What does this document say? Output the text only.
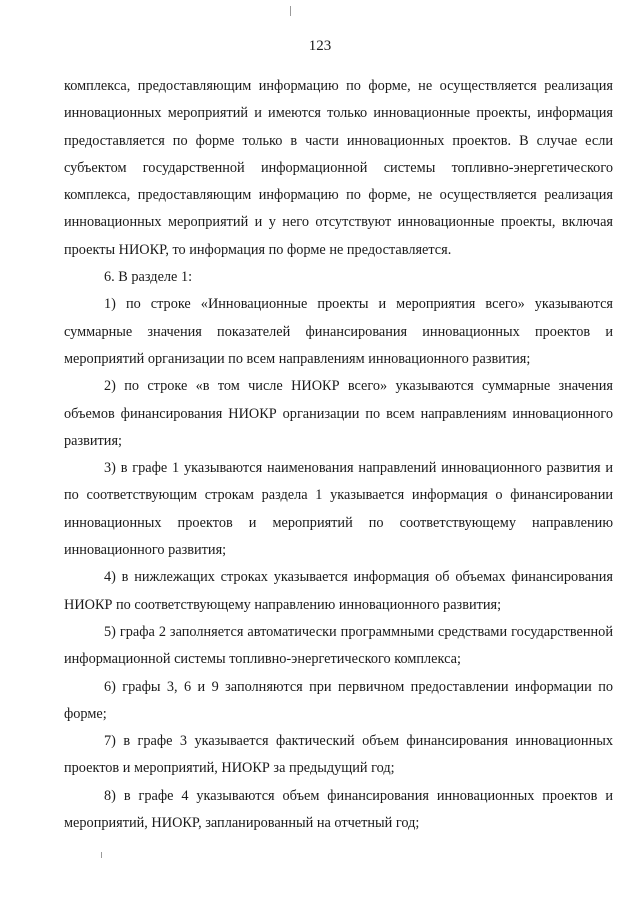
123

комплекса, предоставляющим информацию по форме, не осуществляется реализация инновационных мероприятий и имеются только инновационные проекты, информация предоставляется по форме только в части инновационных проектов. В случае если субъектом государственной информационной системы топливно-энергетического комплекса, предоставляющим информацию по форме, не осуществляется реализация инновационных мероприятий и у него отсутствуют инновационные проекты, включая проекты НИОКР, то информация по форме не предоставляется.

6. В разделе 1:

1) по строке «Инновационные проекты и мероприятия всего» указываются суммарные значения показателей финансирования инновационных проектов и мероприятий организации по всем направлениям инновационного развития;

2) по строке «в том числе НИОКР всего» указываются суммарные значения объемов финансирования НИОКР организации по всем направлениям инновационного развития;

3) в графе 1 указываются наименования направлений инновационного развития и по соответствующим строкам раздела 1 указывается информация о финансировании инновационных проектов и мероприятий по соответствующему направлению инновационного развития;

4) в нижлежащих строках указывается информация об объемах финансирования НИОКР по соответствующему направлению инновационного развития;

5) графа 2 заполняется автоматически программными средствами государственной информационной системы топливно-энергетического комплекса;

6) графы 3, 6 и 9 заполняются при первичном предоставлении информации по форме;

7) в графе 3 указывается фактический объем финансирования инновационных проектов и мероприятий, НИОКР за предыдущий год;

8) в графе 4 указываются объем финансирования инновационных проектов и мероприятий, НИОКР, запланированный на отчетный год;
